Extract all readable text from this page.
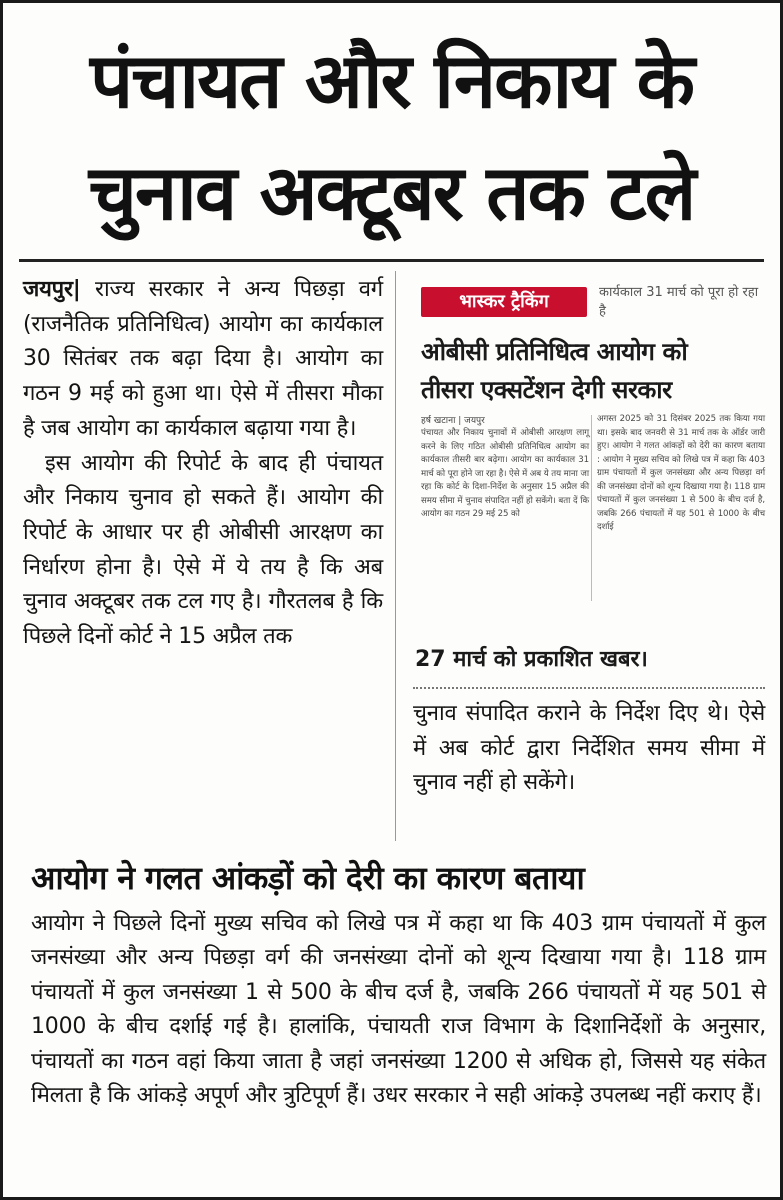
पंचायत और निकाय के
चुनाव अक्टूबर तक टले

जयपुर| राज्य सरकार ने अन्य पिछड़ा वर्ग (राजनैतिक प्रतिनिधित्व) आयोग का कार्यकाल 30 सितंबर तक बढ़ा दिया है। आयोग का गठन 9 मई को हुआ था। ऐसे में तीसरा मौका है जब आयोग का कार्यकाल बढ़ाया गया है।

इस आयोग की रिपोर्ट के बाद ही पंचायत और निकाय चुनाव हो सकते हैं। आयोग की रिपोर्ट के आधार पर ही ओबीसी आरक्षण का निर्धारण होना है। ऐसे में ये तय है कि अब चुनाव अक्टूबर तक टल गए है। गौरतलब है कि पिछले दिनों कोर्ट ने 15 अप्रैल तक

भास्कर ट्रैकिंग	कार्यकाल 31 मार्च को पूरा हो रहा है
ओबीसी प्रतिनिधित्व आयोग को
तीसरा एक्सटेंशन देगी सरकार
हर्ष खटाना | जयपुर
पंचायत और निकाय चुनावों में ओबीसी आरक्षण लागू करने के लिए गठित ओबीसी प्रतिनिधित्व आयोग का कार्यकाल तीसरी बार बढ़ेगा। आयोग का कार्यकाल 31 मार्च को पूरा होने जा रहा है। ऐसे में अब ये तय माना जा रहा कि कोर्ट के दिशा-निर्देश के अनुसार 15 अप्रैल की समय सीमा में चुनाव संपादित नहीं हो सकेंगे। बता दें कि आयोग का गठन 29 मई 25 को
अगस्त 2025 को 31 दिसंबर 2025 तक किया गया था। इसके बाद जनवरी से 31 मार्च तक के ऑर्डर जारी हुए। आयोग ने गलत आंकड़ों को देरी का कारण बताया : आयोग ने मुख्य सचिव को लिखे पत्र में कहा कि 403 ग्राम पंचायतों में कुल जनसंख्या और अन्य पिछड़ा वर्ग की जनसंख्या दोनों को शून्य दिखाया गया है। 118 ग्राम पंचायतों में कुल जनसंख्या 1 से 500 के बीच दर्ज है, जबकि 266 पंचायतों में यह 501 से 1000 के बीच दर्शाई
27 मार्च को प्रकाशित खबर।

चुनाव संपादित कराने के निर्देश दिए थे। ऐसे में अब कोर्ट द्वारा निर्देशित समय सीमा में चुनाव नहीं हो सकेंगे।

आयोग ने गलत आंकड़ों को देरी का कारण बताया

आयोग ने पिछले दिनों मुख्य सचिव को लिखे पत्र में कहा था कि 403 ग्राम पंचायतों में कुल जनसंख्या और अन्य पिछड़ा वर्ग की जनसंख्या दोनों को शून्य दिखाया गया है। 118 ग्राम पंचायतों में कुल जनसंख्या 1 से 500 के बीच दर्ज है, जबकि 266 पंचायतों में यह 501 से 1000 के बीच दर्शाई गई है। हालांकि, पंचायती राज विभाग के दिशानिर्देशों के अनुसार, पंचायतों का गठन वहां किया जाता है जहां जनसंख्या 1200 से अधिक हो, जिससे यह संकेत मिलता है कि आंकड़े अपूर्ण और त्रुटिपूर्ण हैं। उधर सरकार ने सही आंकड़े उपलब्ध नहीं कराए हैं।
